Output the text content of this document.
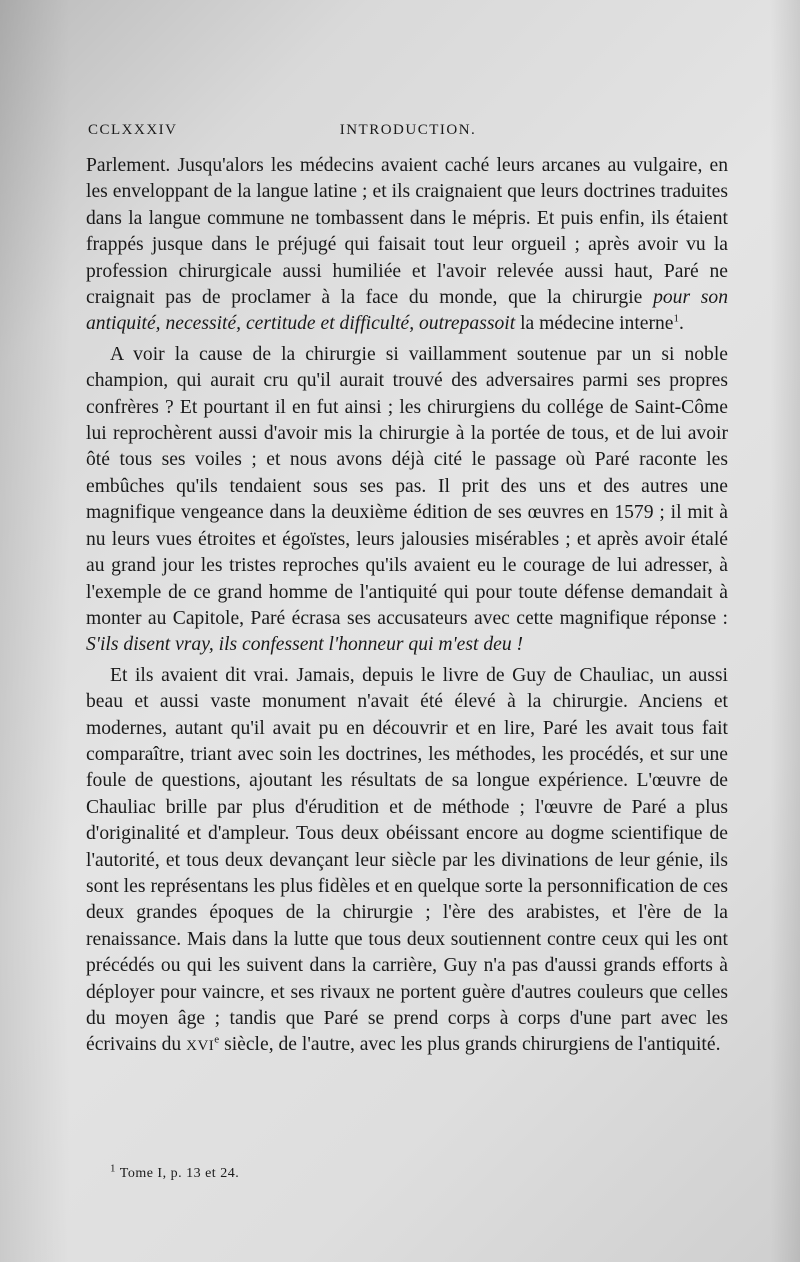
CCLXXXIV	INTRODUCTION.

Parlement. Jusqu'alors les médecins avaient caché leurs arcanes au vulgaire, en les enveloppant de la langue latine ; et ils craignaient que leurs doctrines traduites dans la langue commune ne tombassent dans le mépris. Et puis enfin, ils étaient frappés jusque dans le préjugé qui faisait tout leur orgueil ; après avoir vu la profession chirurgicale aussi humiliée et l'avoir relevée aussi haut, Paré ne craignait pas de proclamer à la face du monde, que la chirurgie pour son antiquité, necessité, certitude et difficulté, outrepassoit la médecine interne$^1$.

A voir la cause de la chirurgie si vaillamment soutenue par un si noble champion, qui aurait cru qu'il aurait trouvé des adversaires parmi ses propres confrères ? Et pourtant il en fut ainsi ; les chirurgiens du collége de Saint-Côme lui reprochèrent aussi d'avoir mis la chirurgie à la portée de tous, et de lui avoir ôté tous ses voiles ; et nous avons déjà cité le passage où Paré raconte les embûches qu'ils tendaient sous ses pas. Il prit des uns et des autres une magnifique vengeance dans la deuxième édition de ses œuvres en 1579 ; il mit à nu leurs vues étroites et égoïstes, leurs jalousies misérables ; et après avoir étalé au grand jour les tristes reproches qu'ils avaient eu le courage de lui adresser, à l'exemple de ce grand homme de l'antiquité qui pour toute défense demandait à monter au Capitole, Paré écrasa ses accusateurs avec cette magnifique réponse : S'ils disent vray, ils confessent l'honneur qui m'est deu !

Et ils avaient dit vrai. Jamais, depuis le livre de Guy de Chauliac, un aussi beau et aussi vaste monument n'avait été élevé à la chirurgie. Anciens et modernes, autant qu'il avait pu en découvrir et en lire, Paré les avait tous fait comparaître, triant avec soin les doctrines, les méthodes, les procédés, et sur une foule de questions, ajoutant les résultats de sa longue expérience. L'œuvre de Chauliac brille par plus d'érudition et de méthode ; l'œuvre de Paré a plus d'originalité et d'ampleur. Tous deux obéissant encore au dogme scientifique de l'autorité, et tous deux devançant leur siècle par les divinations de leur génie, ils sont les représentans les plus fidèles et en quelque sorte la personnification de ces deux grandes époques de la chirurgie ; l'ère des arabistes, et l'ère de la renaissance. Mais dans la lutte que tous deux soutiennent contre ceux qui les ont précédés ou qui les suivent dans la carrière, Guy n'a pas d'aussi grands efforts à déployer pour vaincre, et ses rivaux ne portent guère d'autres couleurs que celles du moyen âge ; tandis que Paré se prend corps à corps d'une part avec les écrivains du XVIe siècle, de l'autre, avec les plus grands chirurgiens de l'antiquité.

$^1$ Tome I, p. 13 et 24.
